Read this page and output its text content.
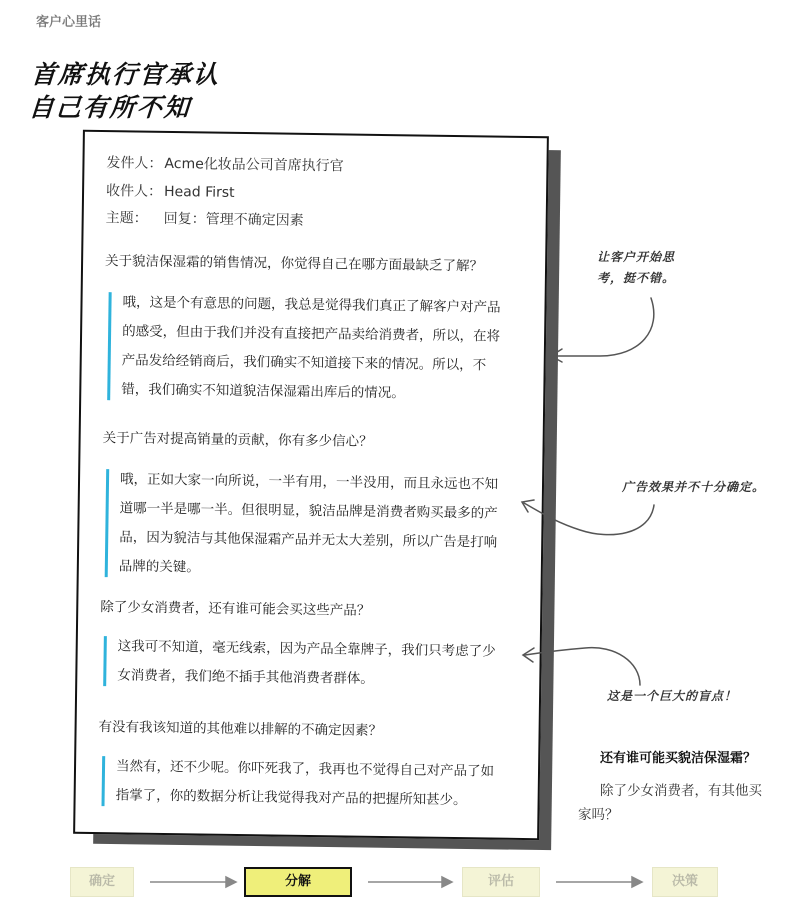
客户心里话
首席执行官承认
自己有所不知
发件人： Acme化妆品公司首席执行官
收件人： Head First
主题： 回复：管理不确定因素
关于貌洁保湿霜的销售情况，你觉得自己在哪方面最缺乏了解？
哦，这是个有意思的问题，我总是觉得我们真正了解客户对产品的感受，但由于我们并没有直接把产品卖给消费者，所以，在将产品发给经销商后，我们确实不知道接下来的情况。所以，不错，我们确实不知道貌洁保湿霜出库后的情况。
关于广告对提高销量的贡献，你有多少信心？
哦，正如大家一向所说，一半有用，一半没用，而且永远也不知道哪一半是哪一半。但很明显，貌洁品牌是消费者购买最多的产品，因为貌洁与其他保湿霜产品并无太大差别，所以广告是打响品牌的关键。
除了少女消费者，还有谁可能会买这些产品？
这我可不知道，毫无线索，因为产品全靠牌子，我们只考虑了少女消费者，我们绝不插手其他消费者群体。
有没有我该知道的其他难以排解的不确定因素？
当然有，还不少呢。你吓死我了，我再也不觉得自己对产品了如指掌了，你的数据分析让我觉得我对产品的把握所知甚少。
让客户开始思
考，挺不错。
广告效果并不十分确定。
这是一个巨大的盲点！
还有谁可能买貌洁保湿霜？
除了少女消费者，有其他买家吗？
确定	分解	评估	决策
